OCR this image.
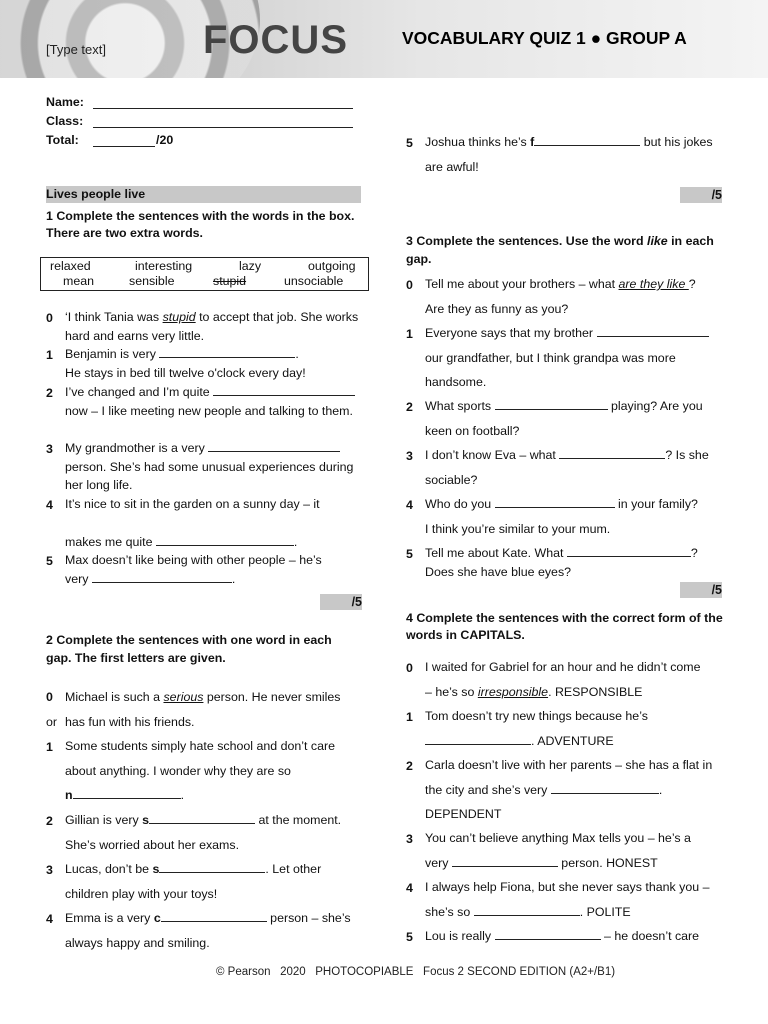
[Type text] FOCUS	VOCABULARY QUIZ 1 ● GROUP A
Name:
Class:
Total:	/20
Lives people live
1 Complete the sentences with the words in the box. There are two extra words.
relaxed	interesting	lazy	outgoing
mean	sensible	stupid	unsociable
0 ‘I think Tania was stupid to accept that job. She works hard and earns very little.
1 Benjamin is very	.
He stays in bed till twelve o'clock every day!
2 I’ve changed and I’m quite
now – I like meeting new people and talking to them.
3 My grandmother is a very
person. She’s had some unusual experiences during her long life.
4 It’s nice to sit in the garden on a sunny day – it
makes me quite	.
5 Max doesn’t like being with other people – he’s
very	.
/5
2 Complete the sentences with one word in each gap. The first letters are given.
0
or
Michael is such a serious person. He never smiles
has fun with his friends.
1 Some students simply hate school and don’t care
about anything. I wonder why they are so
n	.
2 Gillian is very s	at the moment.
She’s worried about her exams.
3 Lucas, don’t be s	. Let other
children play with your toys!
4 Emma is a very c	person – she’s
always happy and smiling.
5 Joshua thinks he’s f	but his jokes
are awful!
/5
3 Complete the sentences. Use the word like in each gap.
0 Tell me about your brothers – what are they like ?
Are they as funny as you?
1 Everyone says that my brother
our grandfather, but I think grandpa was more
handsome.
2 What sports	playing? Are you
keen on football?
3 I don’t know Eva – what	? Is she
sociable?
4 Who do you	in your family?
I think you’re similar to your mum.
5 Tell me about Kate. What	?
Does she have blue eyes?
/5
4 Complete the sentences with the correct form of the words in CAPITALS.
0 I waited for Gabriel for an hour and he didn’t come
– he’s so irresponsible. RESPONSIBLE
1 Tom doesn’t try new things because he’s
. ADVENTURE
2 Carla doesn’t live with her parents – she has a flat in
the city and she’s very	.
DEPENDENT
3 You can’t believe anything Max tells you – he’s a
very	person. HONEST
4 I always help Fiona, but she never says thank you –
she’s so	. POLITE
5 Lou is really	– he doesn’t care
© Pearson   2020   PHOTOCOPIABLE   Focus 2 SECOND EDITION (A2+/B1)
